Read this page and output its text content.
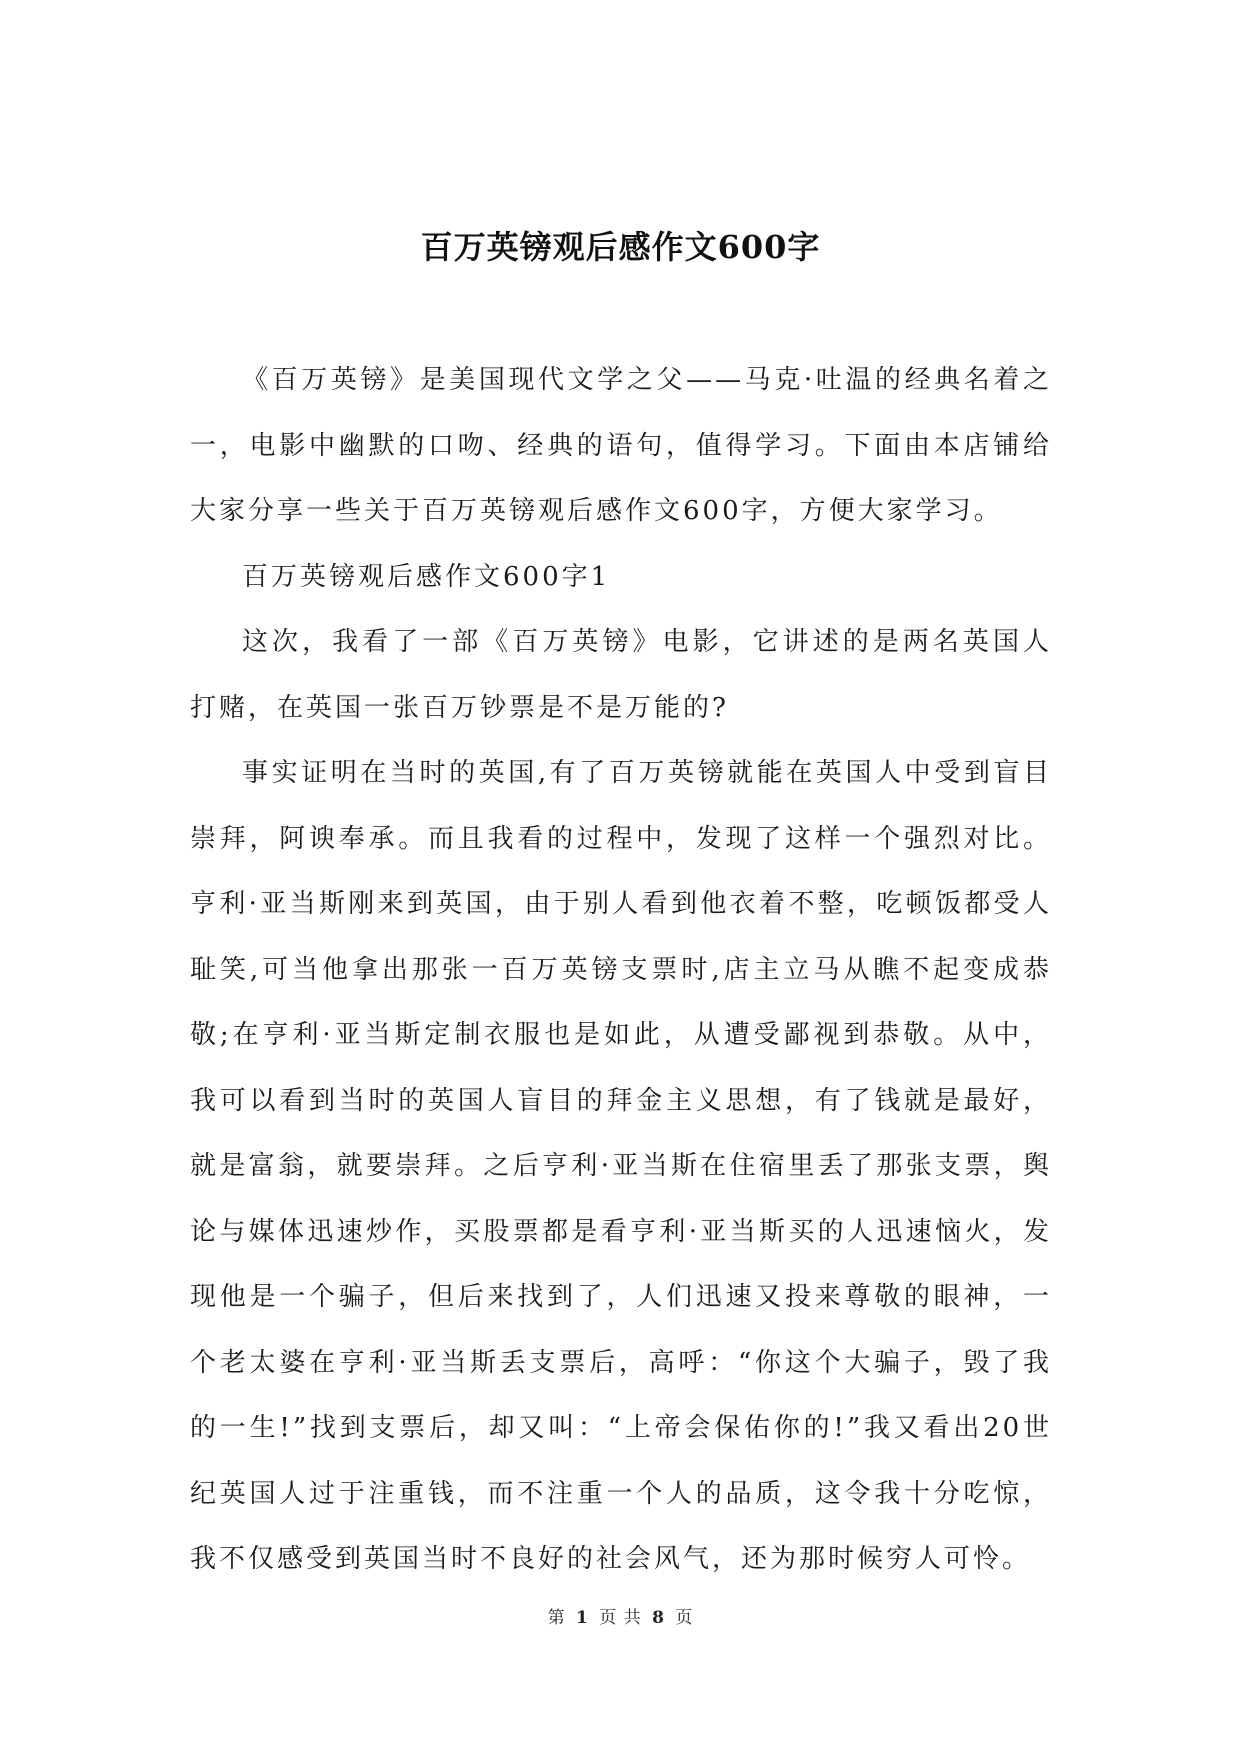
百万英镑观后感作文600字

《百万英镑》是美国现代文学之父——马克·吐温的经典名着之一，电影中幽默的口吻、经典的语句，值得学习。下面由本店铺给大家分享一些关于百万英镑观后感作文600字，方便大家学习。

百万英镑观后感作文600字1

这次，我看了一部《百万英镑》电影，它讲述的是两名英国人打赌，在英国一张百万钞票是不是万能的?

事实证明在当时的英国,有了百万英镑就能在英国人中受到盲目崇拜，阿谀奉承。而且我看的过程中，发现了这样一个强烈对比。亨利·亚当斯刚来到英国，由于别人看到他衣着不整，吃顿饭都受人耻笑,可当他拿出那张一百万英镑支票时,店主立马从瞧不起变成恭敬;在亨利·亚当斯定制衣服也是如此，从遭受鄙视到恭敬。从中，我可以看到当时的英国人盲目的拜金主义思想，有了钱就是最好，就是富翁，就要崇拜。之后亨利·亚当斯在住宿里丢了那张支票，舆论与媒体迅速炒作，买股票都是看亨利·亚当斯买的人迅速恼火，发现他是一个骗子，但后来找到了，人们迅速又投来尊敬的眼神，一个老太婆在亨利·亚当斯丢支票后，高呼：“你这个大骗子，毁了我的一生!”找到支票后，却又叫：“上帝会保佑你的!”我又看出20世纪英国人过于注重钱，而不注重一个人的品质，这令我十分吃惊，我不仅感受到英国当时不良好的社会风气，还为那时候穷人可怜。

第 1 页 共 8 页
